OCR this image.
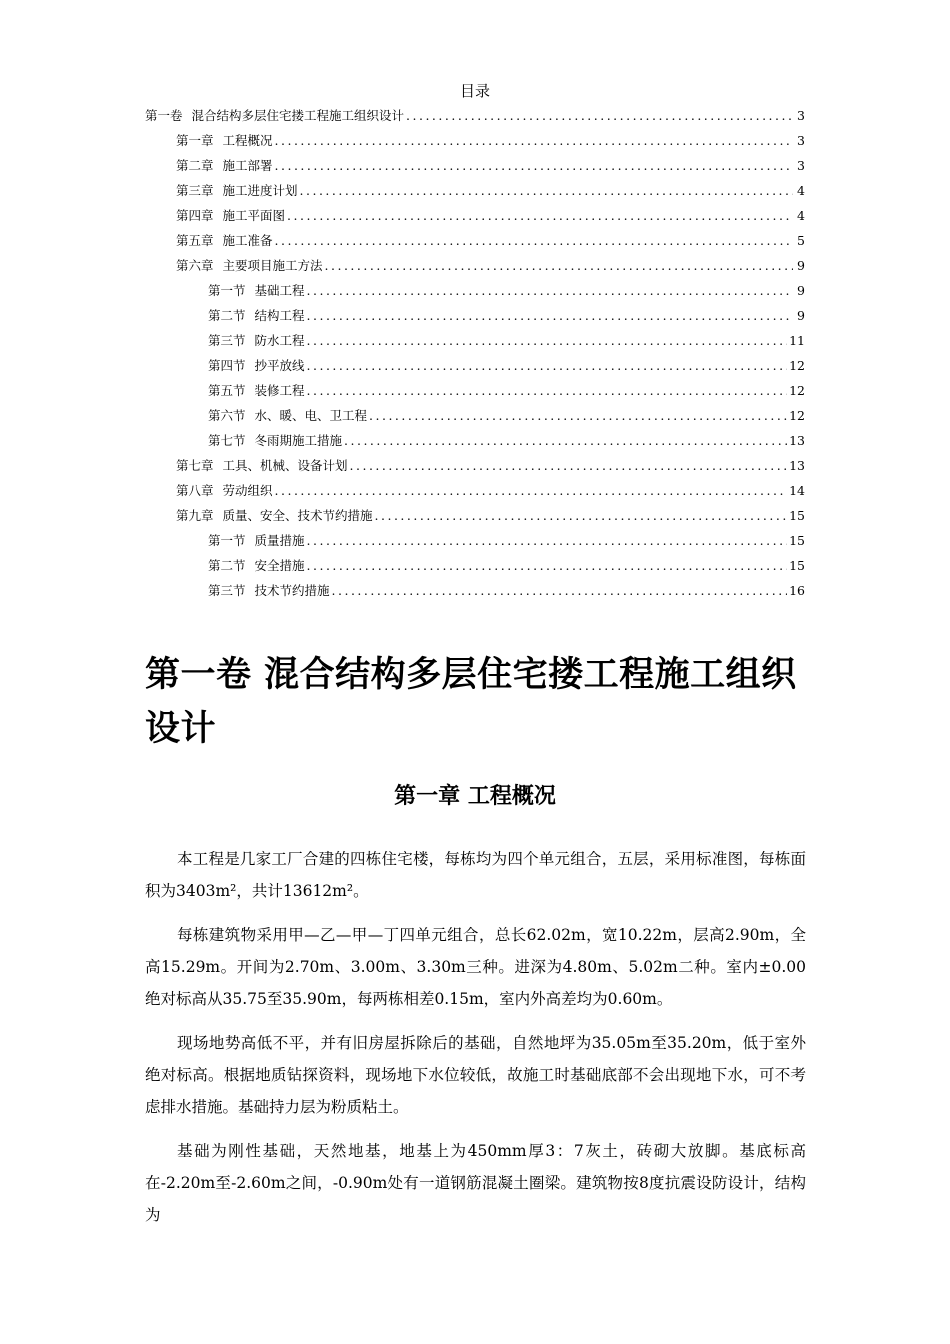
目录
第一卷 混合结构多层住宅搂工程施工组织设计 .....	3
第一章 工程概况 .....	3
第二章 施工部署 .....	3
第三章 施工进度计划 .....	4
第四章 施工平面图 .....	4
第五章 施工准备 .....	5
第六章 主要项目施工方法 .....	9
第一节 基础工程 .....	9
第二节 结构工程 .....	9
第三节 防水工程 .....	11
第四节 抄平放线 .....	12
第五节 装修工程 .....	12
第六节 水、暖、电、卫工程 .....	12
第七节 冬雨期施工措施 .....	13
第七章 工具、机械、设备计划 .....	13
第八章 劳动组织 .....	14
第九章 质量、安全、技术节约措施 .....	15
第一节 质量措施 .....	15
第二节 安全措施 .....	15
第三节 技术节约措施 .....	16
第一卷 混合结构多层住宅搂工程施工组织设计
第一章 工程概况

本工程是几家工厂合建的四栋住宅楼，每栋均为四个单元组合，五层，采用标准图，每栋面积为3403m²，共计13612m²。

每栋建筑物采用甲—乙—甲—丁四单元组合，总长62.02m，宽10.22m，层高2.90m，全高15.29m。开间为2.70m、3.00m、3.30m三种。进深为4.80m、5.02m二种。室内±0.00绝对标高从35.75至35.90m，每两栋相差0.15m，室内外高差均为0.60m。

现场地势高低不平，并有旧房屋拆除后的基础，自然地坪为35.05m至35.20m，低于室外绝对标高。根据地质钻探资料，现场地下水位较低，故施工时基础底部不会出现地下水，可不考虑排水措施。基础持力层为粉质粘土。

基础为刚性基础，天然地基，地基上为450mm厚3：7灰土，砖砌大放脚。基底标高在-2.20m至-2.60m之间，-0.90m处有一道钢筋混凝土圈梁。建筑物按8度抗震设防设计，结构为
